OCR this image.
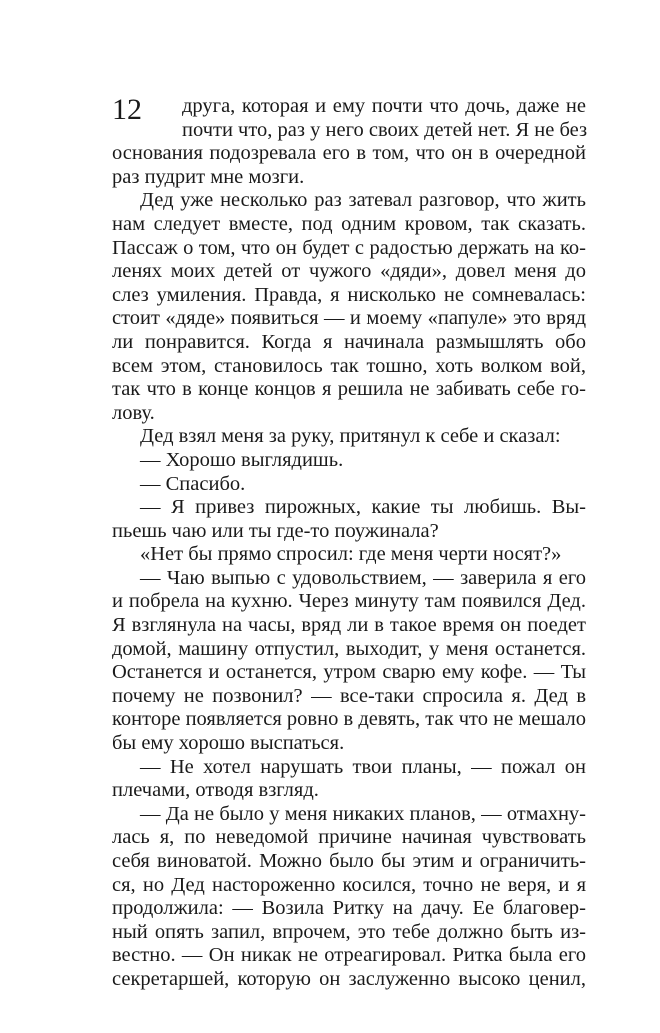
12	друга, которая и ему почти что дочь, даже не
почти что, раз у него своих детей нет. Я не без
основания подозревала его в том, что он в очередной
раз пудрит мне мозги.
Дед уже несколько раз затевал разговор, что жить
нам следует вместе, под одним кровом, так сказать.
Пассаж о том, что он будет с радостью держать на ко-
ленях моих детей от чужого «дяди», довел меня до
слез умиления. Правда, я нисколько не сомневалась:
стоит «дяде» появиться — и моему «папуле» это вряд
ли понравится. Когда я начинала размышлять обо
всем этом, становилось так тошно, хоть волком вой,
так что в конце концов я решила не забивать себе го-
лову.
Дед взял меня за руку, притянул к себе и сказал:
— Хорошо выглядишь.
— Спасибо.
— Я привез пирожных, какие ты любишь. Вы-
пьешь чаю или ты где-то поужинала?
«Нет бы прямо спросил: где меня черти носят?»
— Чаю выпью с удовольствием, — заверила я его
и побрела на кухню. Через минуту там появился Дед.
Я взглянула на часы, вряд ли в такое время он поедет
домой, машину отпустил, выходит, у меня останется.
Останется и останется, утром сварю ему кофе. — Ты
почему не позвонил? — все-таки спросила я. Дед в
конторе появляется ровно в девять, так что не мешало
бы ему хорошо выспаться.
— Не хотел нарушать твои планы, — пожал он
плечами, отводя взгляд.
— Да не было у меня никаких планов, — отмахну-
лась я, по неведомой причине начиная чувствовать
себя виноватой. Можно было бы этим и ограничить-
ся, но Дед настороженно косился, точно не веря, и я
продолжила: — Возила Ритку на дачу. Ее благовер-
ный опять запил, впрочем, это тебе должно быть из-
вестно. — Он никак не отреагировал. Ритка была его
секретаршей, которую он заслуженно высоко ценил,
